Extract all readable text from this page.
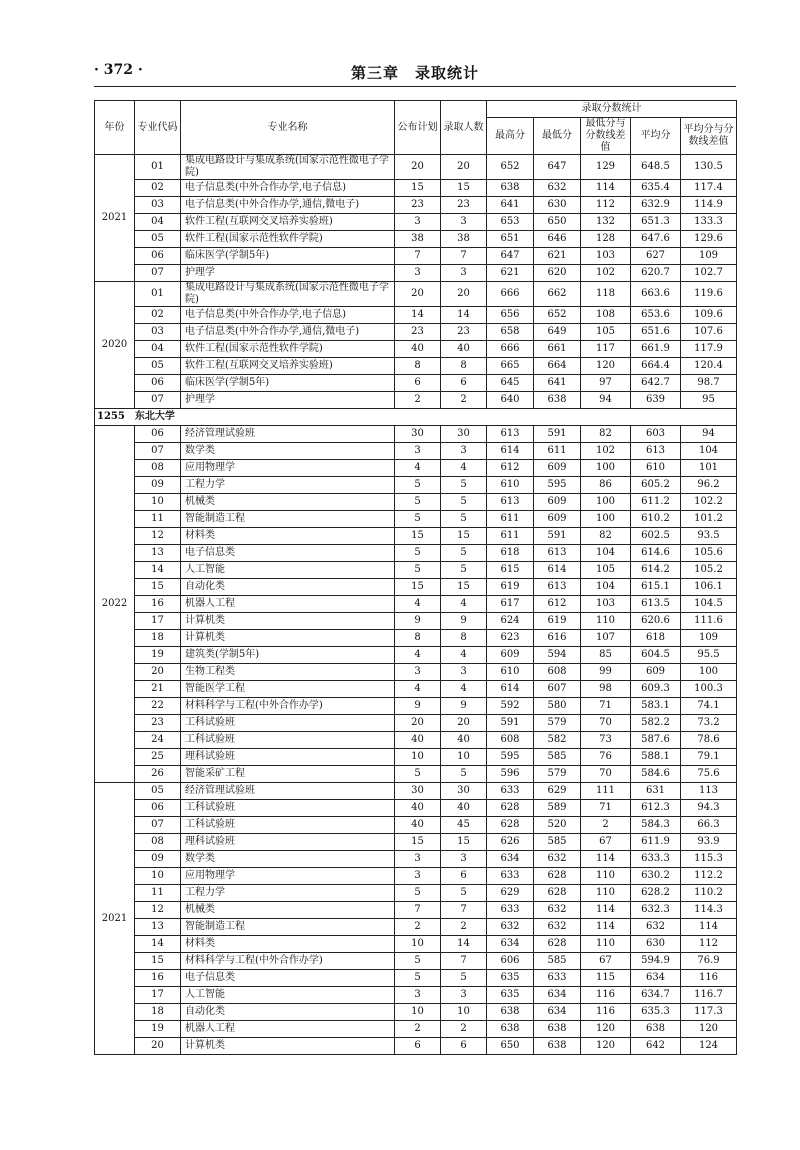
· 372 ·	第三章　录取统计
年份	专业代码	专业名称	公布计划	录取人数	录取分数统计				
					最高分	最低分	最低分与分数线差值	平均分	平均分与分数线差值
2021	01	集成电路设计与集成系统(国家示范性微电子学院)	20	20	652	647	129	648.5	130.5
	02	电子信息类(中外合作办学,电子信息)	15	15	638	632	114	635.4	117.4
	03	电子信息类(中外合作办学,通信,微电子)	23	23	641	630	112	632.9	114.9
	04	软件工程(互联网交叉培养实验班)	3	3	653	650	132	651.3	133.3
	05	软件工程(国家示范性软件学院)	38	38	651	646	128	647.6	129.6
	06	临床医学(学制5年)	7	7	647	621	103	627	109
	07	护理学	3	3	621	620	102	620.7	102.7
2020	01	集成电路设计与集成系统(国家示范性微电子学院)	20	20	666	662	118	663.6	119.6
	02	电子信息类(中外合作办学,电子信息)	14	14	656	652	108	653.6	109.6
	03	电子信息类(中外合作办学,通信,微电子)	23	23	658	649	105	651.6	107.6
	04	软件工程(国家示范性软件学院)	40	40	666	661	117	661.9	117.9
	05	软件工程(互联网交叉培养实验班)	8	8	665	664	120	664.4	120.4
	06	临床医学(学制5年)	6	6	645	641	97	642.7	98.7
	07	护理学	2	2	640	638	94	639	95
1255　东北大学									
2022	06	经济管理试验班	30	30	613	591	82	603	94
	07	数学类	3	3	614	611	102	613	104
	08	应用物理学	4	4	612	609	100	610	101
	09	工程力学	5	5	610	595	86	605.2	96.2
	10	机械类	5	5	613	609	100	611.2	102.2
	11	智能制造工程	5	5	611	609	100	610.2	101.2
	12	材料类	15	15	611	591	82	602.5	93.5
	13	电子信息类	5	5	618	613	104	614.6	105.6
	14	人工智能	5	5	615	614	105	614.2	105.2
	15	自动化类	15	15	619	613	104	615.1	106.1
	16	机器人工程	4	4	617	612	103	613.5	104.5
	17	计算机类	9	9	624	619	110	620.6	111.6
	18	计算机类	8	8	623	616	107	618	109
	19	建筑类(学制5年)	4	4	609	594	85	604.5	95.5
	20	生物工程类	3	3	610	608	99	609	100
	21	智能医学工程	4	4	614	607	98	609.3	100.3
	22	材料科学与工程(中外合作办学)	9	9	592	580	71	583.1	74.1
	23	工科试验班	20	20	591	579	70	582.2	73.2
	24	工科试验班	40	40	608	582	73	587.6	78.6
	25	理科试验班	10	10	595	585	76	588.1	79.1
	26	智能采矿工程	5	5	596	579	70	584.6	75.6
2021	05	经济管理试验班	30	30	633	629	111	631	113
	06	工科试验班	40	40	628	589	71	612.3	94.3
	07	工科试验班	40	45	628	520	2	584.3	66.3
	08	理科试验班	15	15	626	585	67	611.9	93.9
	09	数学类	3	3	634	632	114	633.3	115.3
	10	应用物理学	3	6	633	628	110	630.2	112.2
	11	工程力学	5	5	629	628	110	628.2	110.2
	12	机械类	7	7	633	632	114	632.3	114.3
	13	智能制造工程	2	2	632	632	114	632	114
	14	材料类	10	14	634	628	110	630	112
	15	材料科学与工程(中外合作办学)	5	7	606	585	67	594.9	76.9
	16	电子信息类	5	5	635	633	115	634	116
	17	人工智能	3	3	635	634	116	634.7	116.7
	18	自动化类	10	10	638	634	116	635.3	117.3
	19	机器人工程	2	2	638	638	120	638	120
	20	计算机类	6	6	650	638	120	642	124
